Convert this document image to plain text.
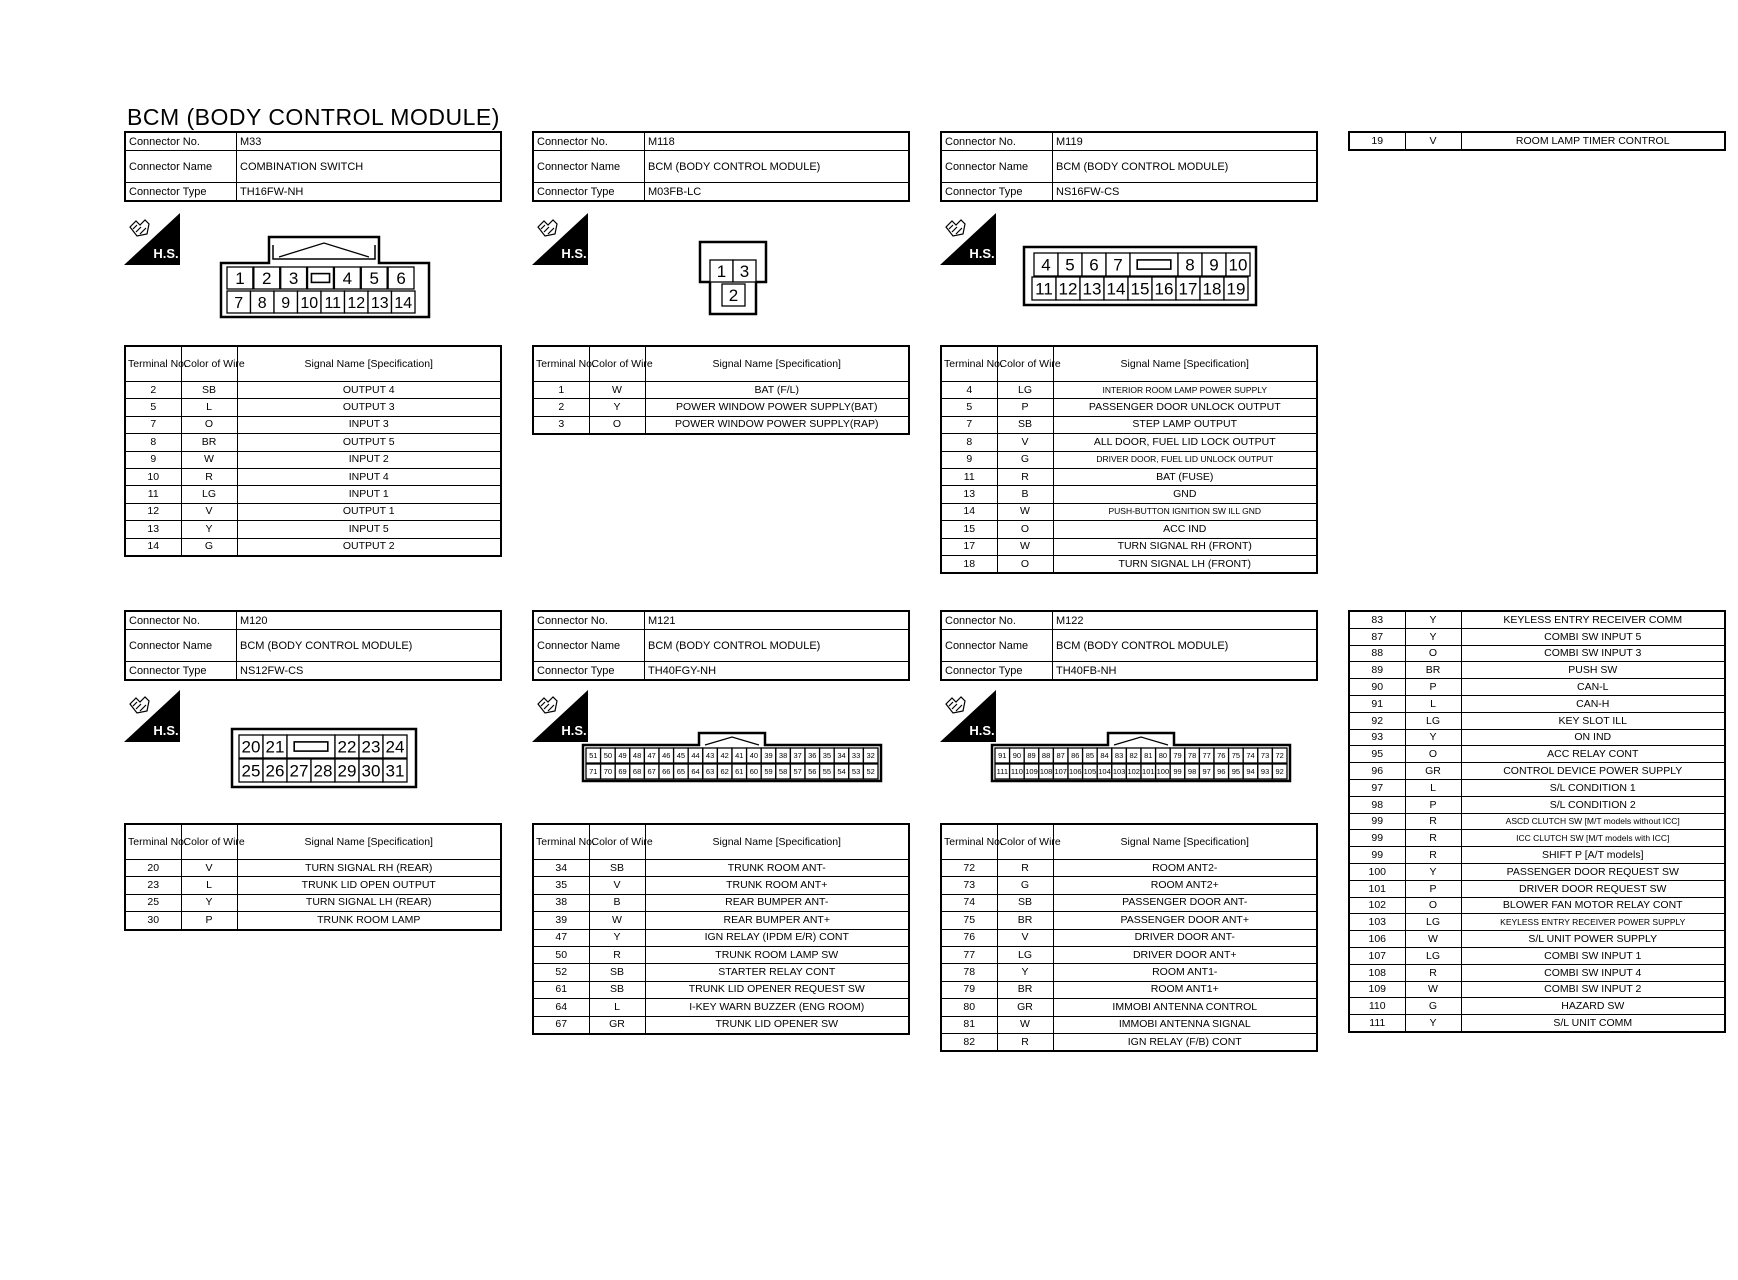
BCM (BODY CONTROL MODULE)
Connector No.	M33
Connector Name	COMBINATION SWITCH
Connector Type	TH16FW-NH
H.S.
1 2 3	4 5 6
7 8 9 10 11 12 13 14
Terminal No.	Color of Wire	Signal Name [Specification]
2	SB	OUTPUT 4
5	L	OUTPUT 3
7	O	INPUT 3
8	BR	OUTPUT 5
9	W	INPUT 2
10	R	INPUT 4
11	LG	INPUT 1
12	V	OUTPUT 1
13	Y	INPUT 5
14	G	OUTPUT 2
Connector No.	M118
Connector Name	BCM (BODY CONTROL MODULE)
Connector Type	M03FB-LC
H.S.
1 3
2
Terminal No.	Color of Wire	Signal Name [Specification]
1	W	BAT (F/L)
2	Y	POWER WINDOW POWER SUPPLY(BAT)
3	O	POWER WINDOW POWER SUPPLY(RAP)
Connector No.	M119
Connector Name	BCM (BODY CONTROL MODULE)
Connector Type	NS16FW-CS
H.S.
4 5 6 7	8 9 10
11 12 13 14 15 16 17 18 19
Terminal No.	Color of Wire	Signal Name [Specification]
4	LG	INTERIOR ROOM LAMP POWER SUPPLY
5	P	PASSENGER DOOR UNLOCK OUTPUT
7	SB	STEP LAMP OUTPUT
8	V	ALL DOOR, FUEL LID LOCK OUTPUT
9	G	DRIVER DOOR, FUEL LID UNLOCK OUTPUT
11	R	BAT (FUSE)
13	B	GND
14	W	PUSH-BUTTON IGNITION SW ILL GND
15	O	ACC IND
17	W	TURN SIGNAL RH (FRONT)
18	O	TURN SIGNAL LH (FRONT)
19	V	ROOM LAMP TIMER CONTROL
Connector No.	M120
Connector Name	BCM (BODY CONTROL MODULE)
Connector Type	NS12FW-CS
H.S.
20 21	22 23 24
25 26 27 28 29 30 31
Terminal No.	Color of Wire	Signal Name [Specification]
20	V	TURN SIGNAL RH (REAR)
23	L	TRUNK LID OPEN OUTPUT
25	Y	TURN SIGNAL LH (REAR)
30	P	TRUNK ROOM LAMP
Connector No.	M121
Connector Name	BCM (BODY CONTROL MODULE)
Connector Type	TH40FGY-NH
H.S.
51 50 49 48 47 46 45 44 43 42 41 40 39 38 37 36 35 34 33 32
71 70 69 68 67 66 65 64 63 62 61 60 59 58 57 56 55 54 53 52
Terminal No.	Color of Wire	Signal Name [Specification]
34	SB	TRUNK ROOM ANT-
35	V	TRUNK ROOM ANT+
38	B	REAR BUMPER ANT-
39	W	REAR BUMPER ANT+
47	Y	IGN RELAY (IPDM E/R) CONT
50	R	TRUNK ROOM LAMP SW
52	SB	STARTER RELAY CONT
61	SB	TRUNK LID OPENER REQUEST SW
64	L	I-KEY WARN BUZZER (ENG ROOM)
67	GR	TRUNK LID OPENER SW
Connector No.	M122
Connector Name	BCM (BODY CONTROL MODULE)
Connector Type	TH40FB-NH
H.S.
91 90 89 88 87 86 85 84 83 82 81 80 79 78 77 76 75 74 73 72
111 110 109 108 107 106 105 104 103 102 101 100 99 98 97 96 95 94 93 92
Terminal No.	Color of Wire	Signal Name [Specification]
72	R	ROOM ANT2-
73	G	ROOM ANT2+
74	SB	PASSENGER DOOR ANT-
75	BR	PASSENGER DOOR ANT+
76	V	DRIVER DOOR ANT-
77	LG	DRIVER DOOR ANT+
78	Y	ROOM ANT1-
79	BR	ROOM ANT1+
80	GR	IMMOBI ANTENNA CONTROL
81	W	IMMOBI ANTENNA SIGNAL
82	R	IGN RELAY (F/B) CONT
83	Y	KEYLESS ENTRY RECEIVER COMM
87	Y	COMBI SW INPUT 5
88	O	COMBI SW INPUT 3
89	BR	PUSH SW
90	P	CAN-L
91	L	CAN-H
92	LG	KEY SLOT ILL
93	Y	ON IND
95	O	ACC RELAY CONT
96	GR	CONTROL DEVICE POWER SUPPLY
97	L	S/L CONDITION 1
98	P	S/L CONDITION 2
99	R	ASCD CLUTCH SW [M/T models without ICC]
99	R	ICC CLUTCH SW [M/T models with ICC]
99	R	SHIFT P [A/T models]
100	Y	PASSENGER DOOR REQUEST SW
101	P	DRIVER DOOR REQUEST SW
102	O	BLOWER FAN MOTOR RELAY CONT
103	LG	KEYLESS ENTRY RECEIVER POWER SUPPLY
106	W	S/L UNIT POWER SUPPLY
107	LG	COMBI SW INPUT 1
108	R	COMBI SW INPUT 4
109	W	COMBI SW INPUT 2
110	G	HAZARD SW
111	Y	S/L UNIT COMM
